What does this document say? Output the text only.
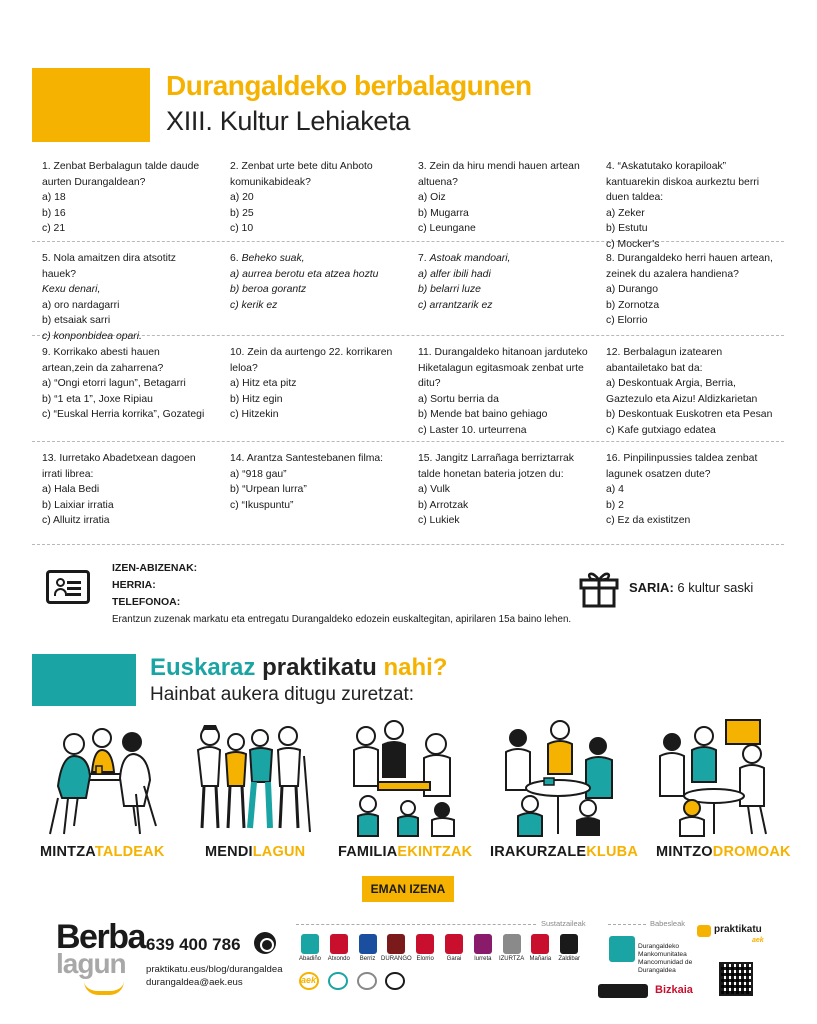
Durangaldeko berbalagunen
XIII. Kultur Lehiaketa
1. Zenbat Berbalagun talde daude aurten Durangaldean?
a) 18
b) 16
c) 21
2. Zenbat urte bete ditu Anboto komunikabideak?
a) 20
b) 25
c) 10
3. Zein da hiru mendi hauen artean altuena?
a) Oiz
b) Mugarra
c) Leungane
4. “Askatutako korapiloak” kantuarekin diskoa aurkeztu berri duen taldea:
a) Zeker
b) Estutu
c) Mocker’s
5. Nola amaitzen dira atsotitz hauek?
Kexu denari,
a) oro nardagarri
b) etsaiak sarri
c) konponbidea opari.
6. Beheko suak,
a) aurrea berotu eta atzea hoztu
b) beroa gorantz
c) kerik ez
7. Astoak mandoari,
a) alfer ibili hadi
b) belarri luze
c) arrantzarik ez
8. Durangaldeko herri hauen artean, zeinek du azalera handiena?
a) Durango
b) Zornotza
c) Elorrio
9. Korrikako abesti hauen artean,zein da zaharrena?
a) “Ongi etorri lagun”, Betagarri
b) “1 eta 1”, Joxe Ripiau
c) “Euskal Herria korrika”, Gozategi
10. Zein da aurtengo 22. korrikaren leloa?
a) Hitz eta pitz
b) Hitz egin
c) Hitzekin
11. Durangaldeko hitanoan jarduteko Hiketalagun egitasmoak zenbat urte ditu?
a) Sortu berria da
b) Mende bat baino gehiago
c) Laster 10. urteurrena
12. Berbalagun izatearen abantailetako bat da:
a) Deskontuak Argia, Berria, Gaztezulo eta Aizu! Aldizkarietan
b) Deskontuak Euskotren eta Pesan
c) Kafe gutxiago edatea
13. Iurretako Abadetxean dagoen irrati librea:
a) Hala Bedi
b) Laixiar irratia
c) Alluitz irratia
14. Arantza Santestebanen filma:
a) “918 gau”
b) “Urpean lurra”
c) “Ikuspuntu”
15. Jangitz Larrañaga berriztarrak talde honetan bateria jotzen du:
a) Vulk
b) Arrotzak
c) Lukiek
16. Pinpilinpussies taldea zenbat lagunek osatzen dute?
a) 4
b) 2
c) Ez da existitzen
IZEN-ABIZENAK:
HERRIA:
TELEFONOA:
Erantzun zuzenak markatu eta entregatu Durangaldeko edozein euskaltegitan, apirilaren 15a baino lehen.
SARIA: 6 kultur saski
Euskaraz praktikatu nahi?
Hainbat aukera ditugu zuretzat:
MINTZATALDEAK	MENDILAGUN FAMILIAEKINTZAK IRAKURZALEKLUBA MINTZODROMOAK
EMAN IZENA
Berba
lagun
639 400 786
praktikatu.eus/blog/durangaldea
durangaldea@aek.eus
Sustatzaileak	Babesleak
Abadiño	Atxondo	Berriz DURANGO Elorrio	Garai	Iurreta	IZURTZA Mañaria	Zaldibar
aek
Durangaldeko Mankomunitatea
Mancomunidad de Durangaldea
Bizkaia
praktikatu
aek
